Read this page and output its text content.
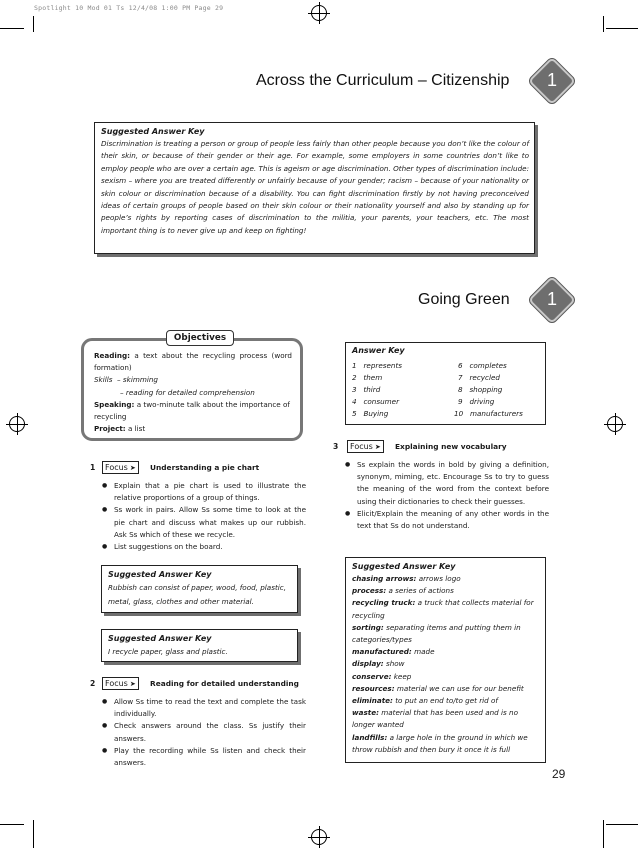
Spotlight 10 Mod 01 Ts 12/4/08 1:00 PM Page 29
Across the Curriculum – Citizenship	1
Suggested Answer Key
Discrimination is treating a person or group of people less fairly than other people because you don’t like the colour of their skin, or because of their gender or their age. For example, some employers in some countries don’t like to employ people who are over a certain age. This is ageism or age discrimination. Other types of discrimination include: sexism – where you are treated differently or unfairly because of your gender; racism – because of your nationality or skin colour or discrimination because of a disability. You can fight discrimination firstly by not having preconceived ideas of certain groups of people based on their skin colour or their nationality yourself and also by standing up for people’s rights by reporting cases of discrimination to the militia, your parents, your teachers, etc. The most important thing is to never give up and keep on fighting!
Going Green	1
Objectives
Reading: a text about the recycling process (word formation)
Skills – skimming
– reading for detailed comprehension
Speaking: a two-minute talk about the importance of recycling
Project: a list
Answer Key
1 represents
2 them
3 third
4 consumer
5 Buying
6 completes
7 recycled
8 shopping
9 driving
10 manufacturers
1	Focus ➤	Understanding a pie chart
● Explain that a pie chart is used to illustrate the relative proportions of a group of things.
● Ss work in pairs. Allow Ss some time to look at the pie chart and discuss what makes up our rubbish. Ask Ss which of these we recycle.
● List suggestions on the board.
Suggested Answer Key
Rubbish can consist of paper, wood, food, plastic, metal, glass, clothes and other material.
Suggested Answer Key
I recycle paper, glass and plastic.
2	Focus ➤	Reading for detailed understanding
● Allow Ss time to read the text and complete the task individually.
● Check answers around the class. Ss justify their answers.
● Play the recording while Ss listen and check their answers.
3	Focus ➤	Explaining new vocabulary
● Ss explain the words in bold by giving a definition, synonym, miming, etc. Encourage Ss to try to guess the meaning of the word from the context before using their dictionaries to check their guesses.
● Elicit/Explain the meaning of any other words in the text that Ss do not understand.
Suggested Answer Key

chasing arrows: arrows logo

process: a series of actions

recycling truck: a truck that collects material for recycling

sorting: separating items and putting them in categories/types

manufactured: made

display: show

conserve: keep

resources: material we can use for our benefit

eliminate: to put an end to/to get rid of

waste: material that has been used and is no longer wanted

landfills: a large hole in the ground in which we throw rubbish and then bury it once it is full

29
